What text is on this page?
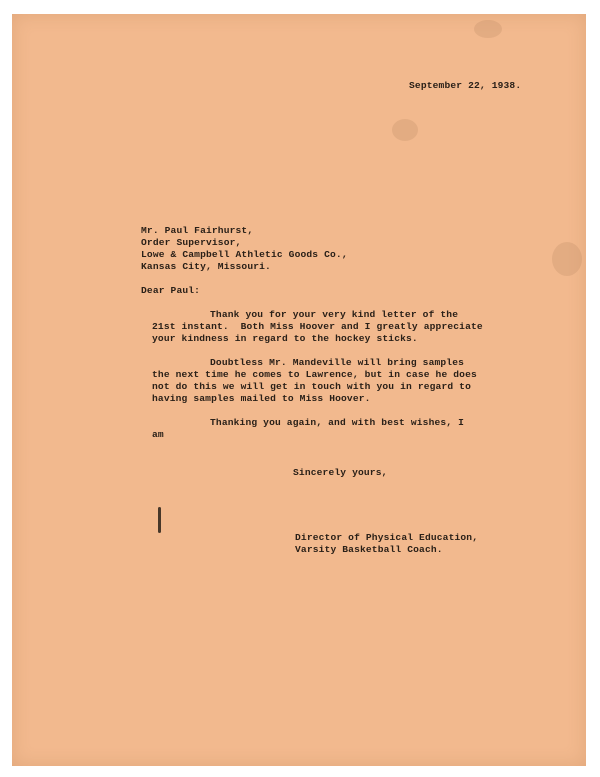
September 22, 1938.
Mr. Paul Fairhurst,
Order Supervisor,
Lowe & Campbell Athletic Goods Co.,
Kansas City, Missouri.
Dear Paul:
Thank you for your very kind letter of the
21st instant.  Both Miss Hoover and I greatly appreciate
your kindness in regard to the hockey sticks.
Doubtless Mr. Mandeville will bring samples
the next time he comes to Lawrence, but in case he does
not do this we will get in touch with you in regard to
having samples mailed to Miss Hoover.
Thanking you again, and with best wishes, I
am
Sincerely yours,
Director of Physical Education,
Varsity Basketball Coach.
